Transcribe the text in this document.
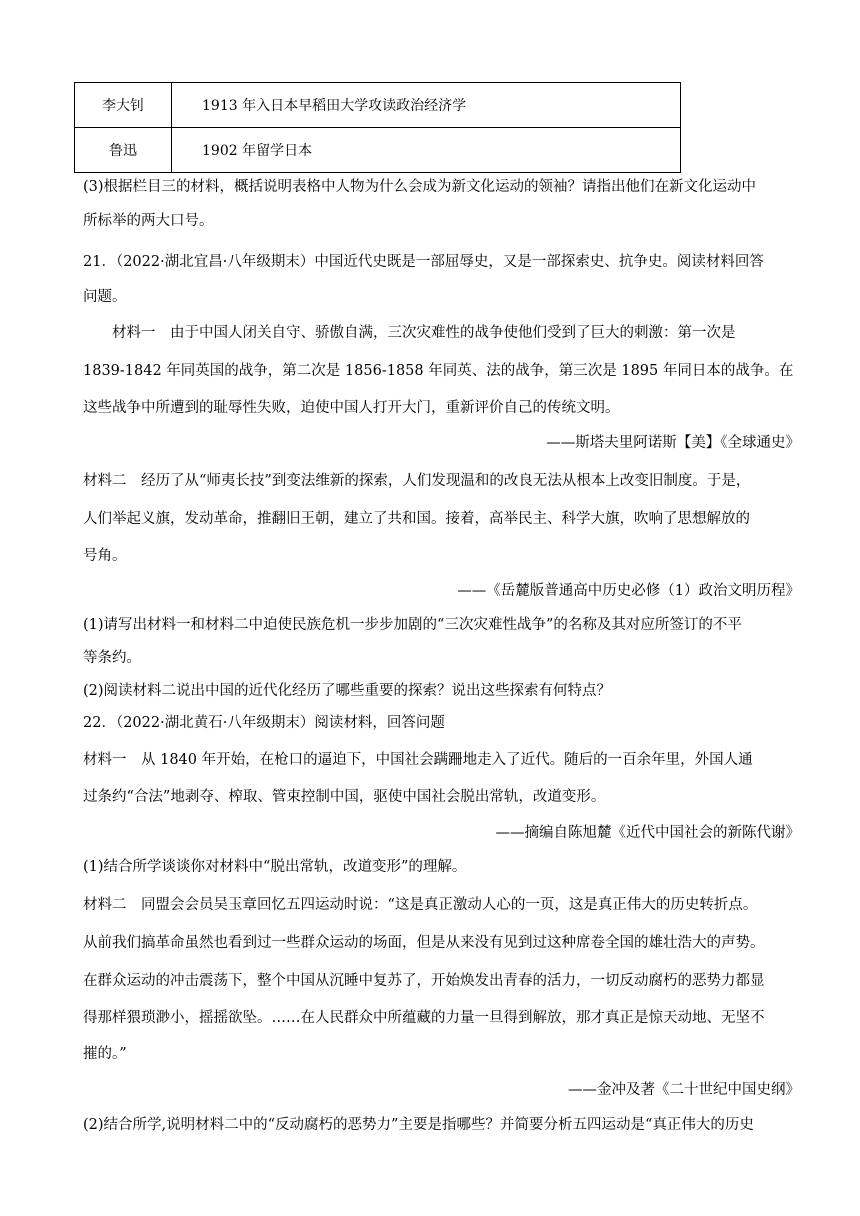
李大钊	1913 年入日本早稻田大学攻读政治经济学
鲁迅	1902 年留学日本
(3)根据栏目三的材料，概括说明表格中人物为什么会成为新文化运动的领袖？请指出他们在新文化运动中
所标举的两大口号。
21．（2022·湖北宜昌·八年级期末）中国近代史既是一部屈辱史，又是一部探索史、抗争史。阅读材料回答
问题。
材料一　由于中国人闭关自守、骄傲自满，三次灾难性的战争使他们受到了巨大的刺激：第一次是
1839-1842 年同英国的战争，第二次是 1856-1858 年同英、法的战争，第三次是 1895 年同日本的战争。在
这些战争中所遭到的耻辱性失败，迫使中国人打开大门，重新评价自己的传统文明。
——斯塔夫里阿诺斯【美】《全球通史》
材料二　经历了从“师夷长技”到变法维新的探索，人们发现温和的改良无法从根本上改变旧制度。于是，
人们举起义旗，发动革命，推翻旧王朝，建立了共和国。接着，高举民主、科学大旗，吹响了思想解放的
号角。
——《岳麓版普通高中历史必修（1）政治文明历程》
(1)请写出材料一和材料二中迫使民族危机一步步加剧的“三次灾难性战争”的名称及其对应所签订的不平
等条约。
(2)阅读材料二说出中国的近代化经历了哪些重要的探索？说出这些探索有何特点？
22．（2022·湖北黄石·八年级期末）阅读材料，回答问题
材料一　从 1840 年开始，在枪口的逼迫下，中国社会蹒跚地走入了近代。随后的一百余年里，外国人通
过条约“合法”地剥夺、榨取、管束控制中国，驱使中国社会脱出常轨，改道变形。
——摘编自陈旭麓《近代中国社会的新陈代谢》
(1)结合所学谈谈你对材料中“脱出常轨，改道变形”的理解。
材料二　同盟会会员吴玉章回忆五四运动时说：“这是真正激动人心的一页，这是真正伟大的历史转折点。
从前我们搞革命虽然也看到过一些群众运动的场面，但是从来没有见到过这种席卷全国的雄壮浩大的声势。
在群众运动的冲击震荡下，整个中国从沉睡中复苏了，开始焕发出青春的活力，一切反动腐朽的恶势力都显
得那样猥琐渺小，摇摇欲坠。……在人民群众中所蕴藏的力量一旦得到解放，那才真正是惊天动地、无坚不
摧的。”
——金冲及著《二十世纪中国史纲》
(2)结合所学,说明材料二中的“反动腐朽的恶势力”主要是指哪些？并简要分析五四运动是“真正伟大的历史
